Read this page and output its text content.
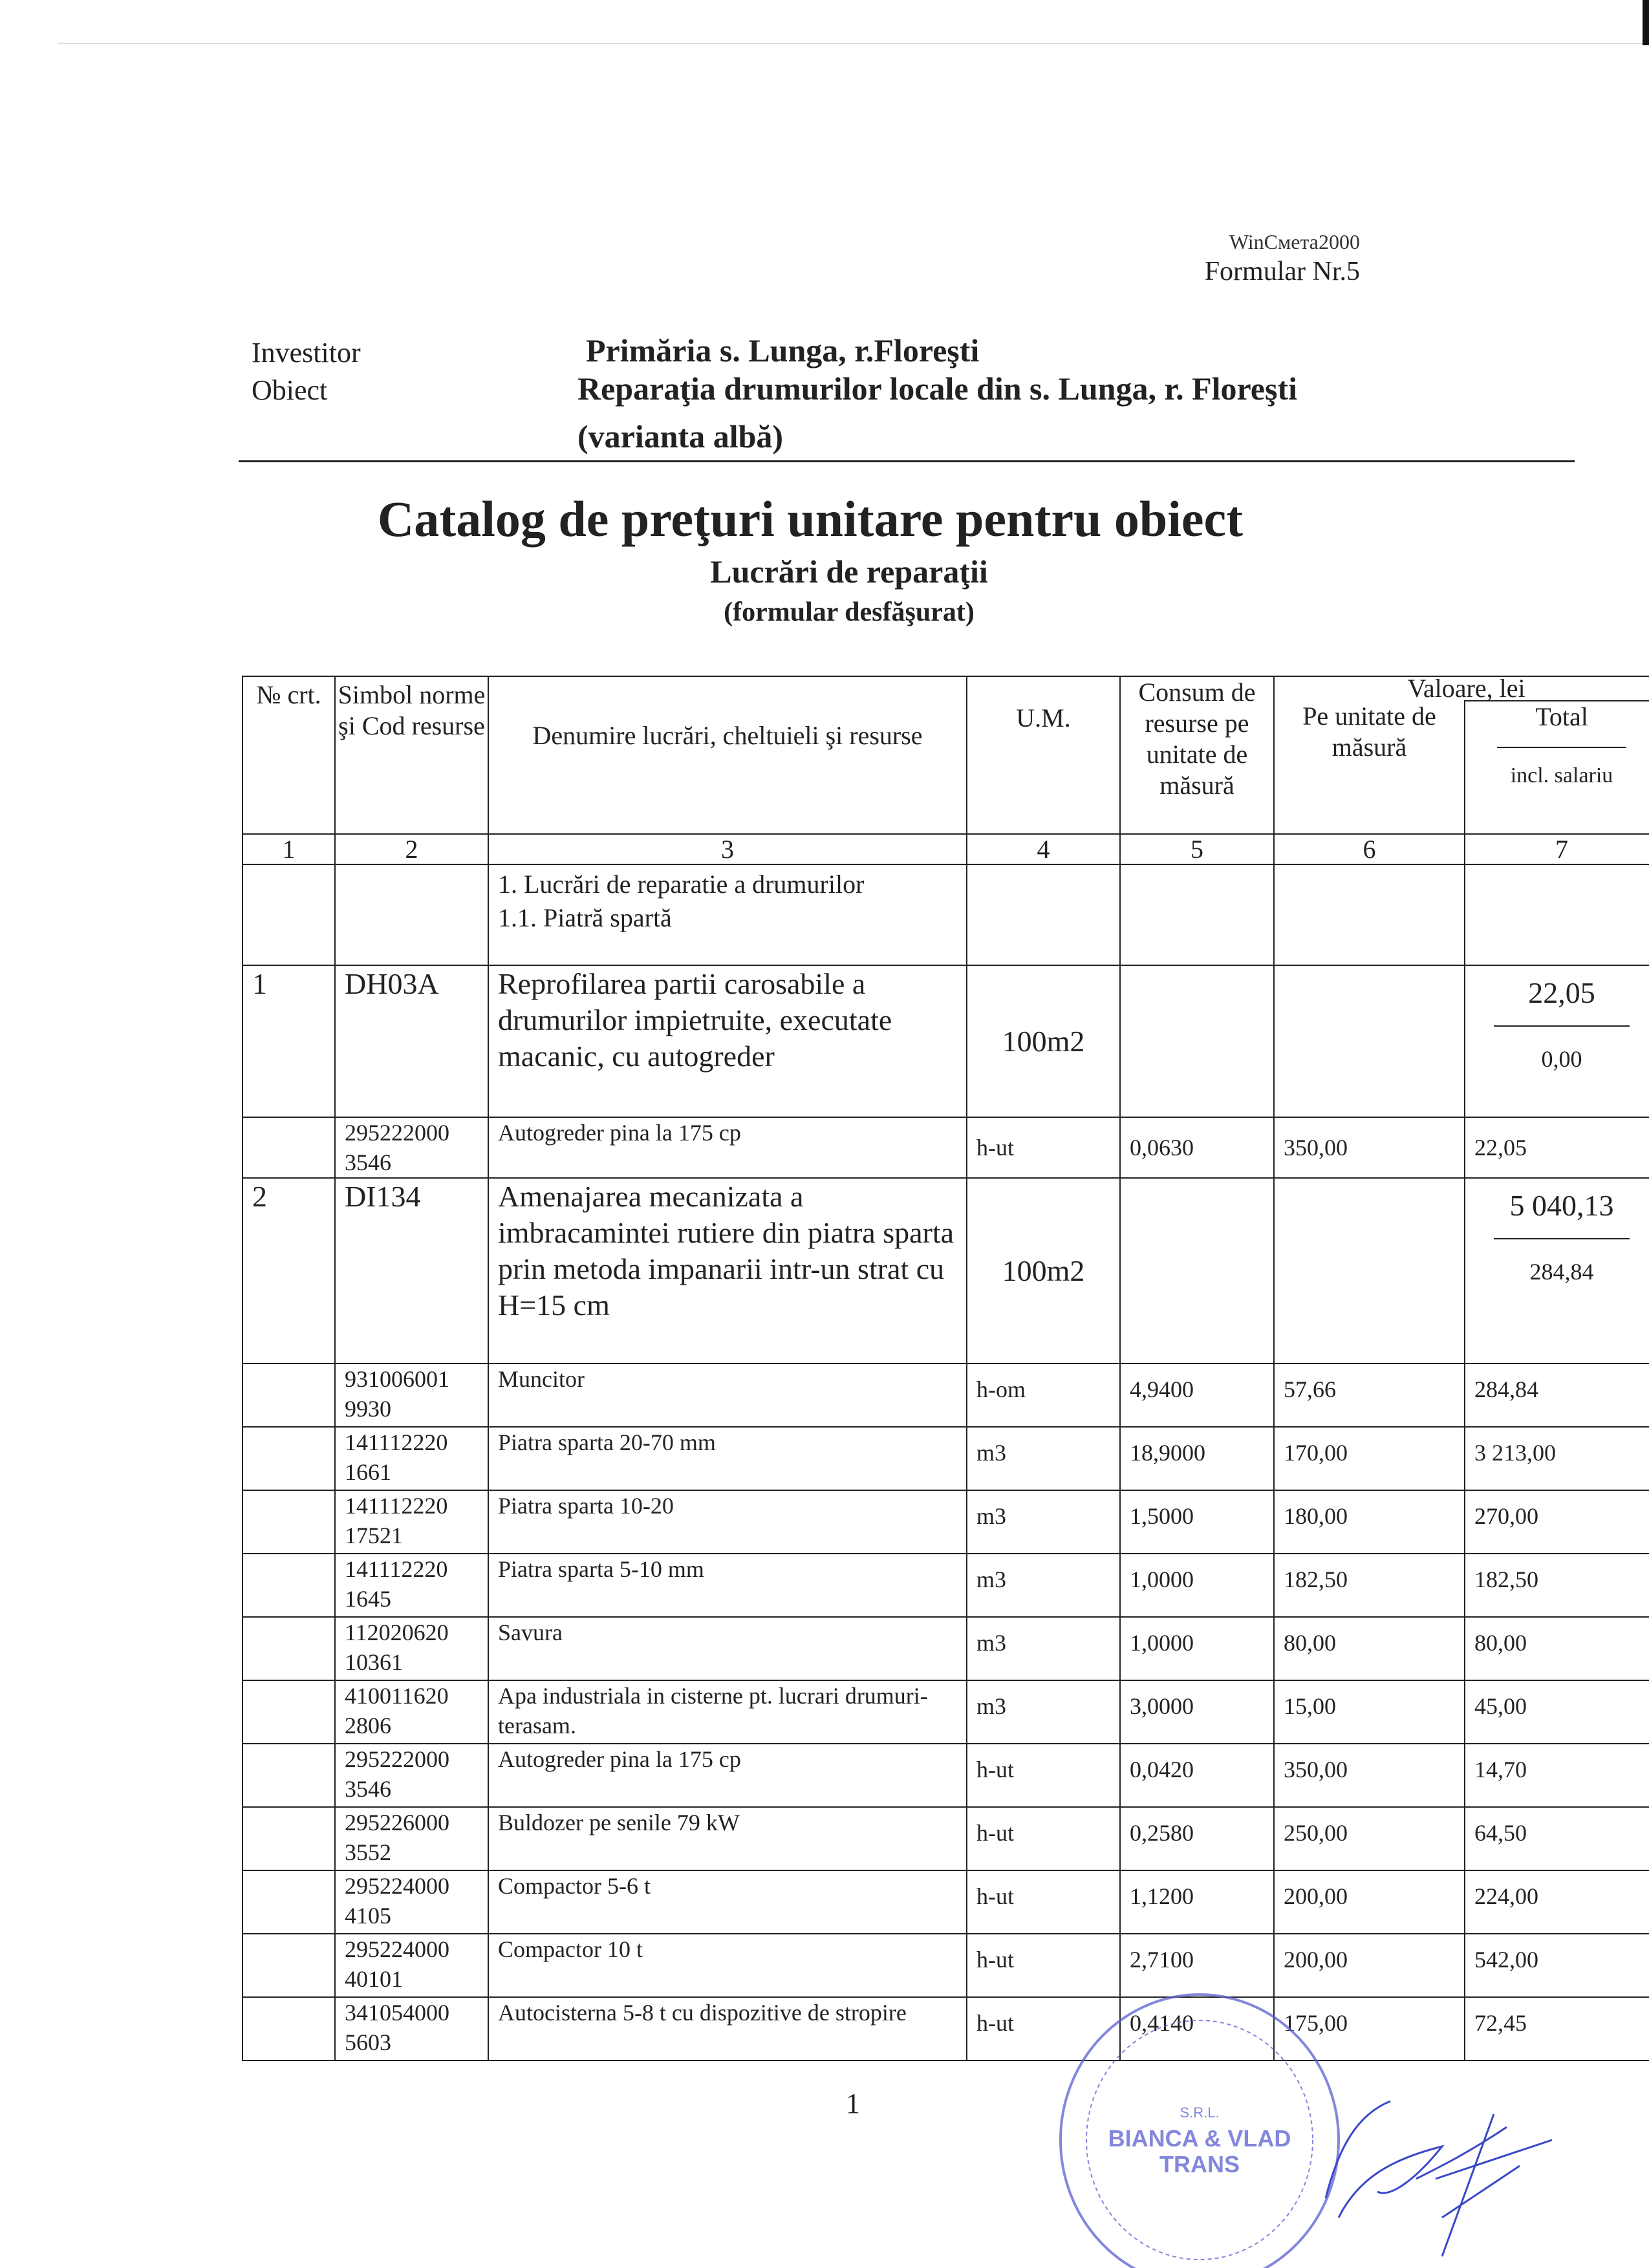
WinCмета2000
Formular Nr.5
Investitor	Primăria s. Lunga, r.Floreşti
Obiect	Reparaţia drumurilor locale din s. Lunga, r. Floreşti
(varianta albă)
Catalog de preţuri unitare pentru obiect
Lucrări de reparaţii
(formular desfăşurat)
№ crt.	Simbol norme şi Cod resurse	Denumire lucrări, cheltuieli şi resurse	U.M.	Consum de resurse pe unitate de măsură	Valoare, lei	
					Pe unitate de măsură	Total
incl. salariu
1	2	3	4	5	6	7

		1. Lucrări de reparatie a drumurilor
1.1. Piatră spartă				

1	DH03A	Reprofilarea partii carosabile a drumurilor impietruite, executate macanic, cu autogreder	100m2			22,05
0,00

	295222000 3546	Autogreder pina la 175 cp	h-ut	0,0630	350,00	22,05
2	DI134	Amenajarea mecanizata a imbracamintei rutiere din piatra sparta prin metoda impanarii intr-un strat cu H=15 cm	100m2			5 040,13
284,84

	931006001 9930	Muncitor	h-om	4,9400	57,66	284,84
	141112220 1661	Piatra sparta 20-70 mm	m3	18,9000	170,00	3 213,00
	141112220 17521	Piatra sparta 10-20	m3	1,5000	180,00	270,00
	141112220 1645	Piatra sparta 5-10 mm	m3	1,0000	182,50	182,50
	112020620 10361	Savura	m3	1,0000	80,00	80,00
	410011620 2806	Apa industriala in cisterne pt. lucrari drumuri-terasam.	m3	3,0000	15,00	45,00
	295222000 3546	Autogreder pina la 175 cp	h-ut	0,0420	350,00	14,70
	295226000 3552	Buldozer pe senile 79 kW	h-ut	0,2580	250,00	64,50
	295224000 4105	Compactor 5-6 t	h-ut	1,1200	200,00	224,00
	295224000 40101	Compactor 10 t	h-ut	2,7100	200,00	542,00
	341054000 5603	Autocisterna 5-8 t cu dispozitive de stropire	h-ut	0,4140	175,00	72,45
1	S.R.L.
BIANCA & VLAD
TRANS
